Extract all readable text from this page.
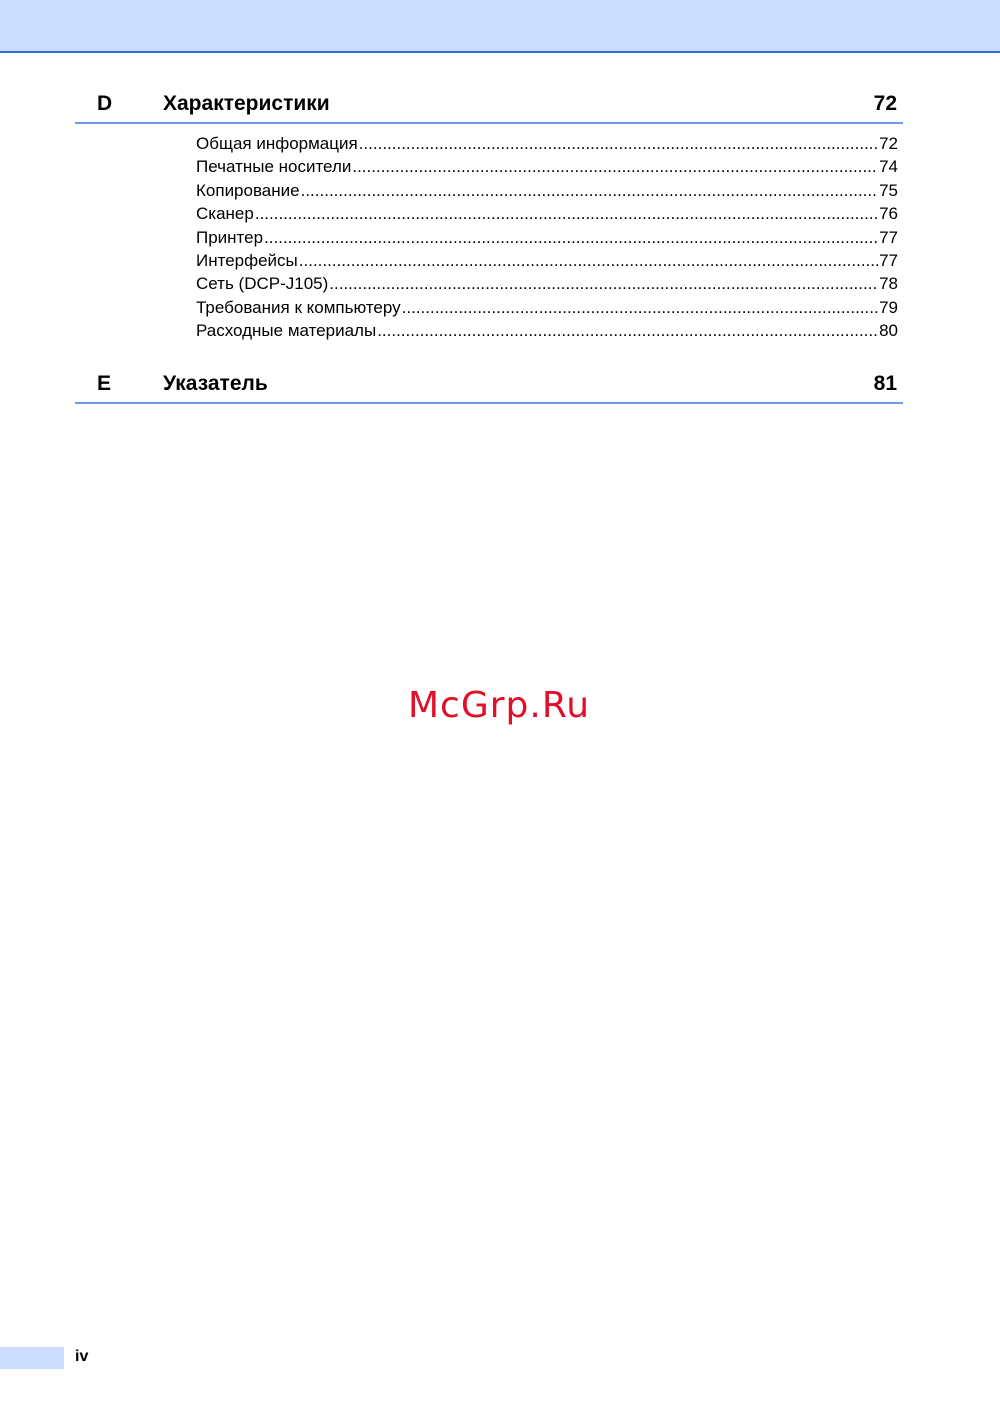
D Характеристики	72
Общая информация .....	72
Печатные носители .....	74
Копирование .....	75
Сканер .....	76
Принтер .....	77
Интерфейсы .....	77
Сеть (DCP-J105) .....	78
Требования к компьютеру .....	79
Расходные материалы .....	80
E Указатель	81
McGrp.Ru
iv
